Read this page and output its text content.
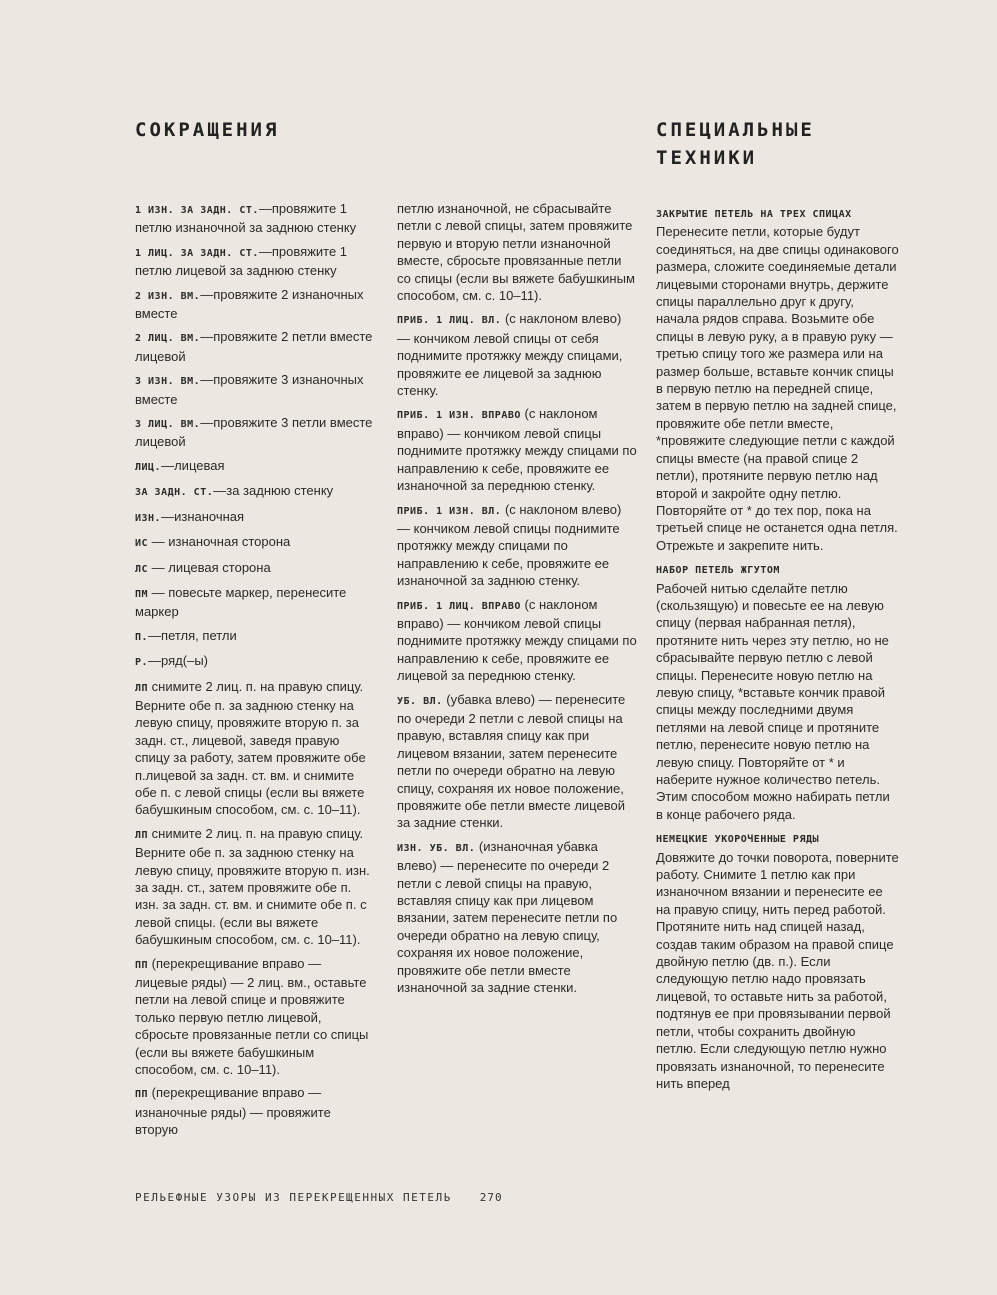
СОКРАЩЕНИЯ	СПЕЦИАЛЬНЫЕ
ТЕХНИКИ
1 ИЗН. ЗА ЗАДН. СТ.—провяжите 1 петлю изнаночной за заднюю стенку
1 ЛИЦ. ЗА ЗАДН. СТ.—провяжите 1 петлю лицевой за заднюю стенку
2 ИЗН. ВМ.—провяжите 2 изнаночных вместе
2 ЛИЦ. ВМ.—провяжите 2 петли вместе лицевой
3 ИЗН. ВМ.—провяжите 3 изнаночных вместе
3 ЛИЦ. ВМ.—провяжите 3 петли вместе лицевой
ЛИЦ.—лицевая
ЗА ЗАДН. СТ.—за заднюю стенку
ИЗН.—изнаночная
ИС — изнаночная сторона
ЛС — лицевая сторона
ПМ — повесьте маркер, перенесите маркер
П.—петля, петли
Р.—ряд(–ы)
ЛП снимите 2 лиц. п. на правую спицу. Верните обе п. за заднюю стенку на левую спицу, провяжите вторую п. за задн. ст., лицевой, заведя правую спицу за работу, затем провяжите обе п.лицевой за задн. ст. вм. и снимите обе п. с левой спицы (если вы вяжете бабушкиным способом, см. с. 10–11).
ЛП снимите 2 лиц. п. на правую спицу. Верните обе п. за заднюю стенку на левую спицу, провяжите вторую п. изн. за задн. ст., затем провяжите обе п. изн. за задн. ст. вм. и снимите обе п. с левой спицы. (если вы вяжете бабушкиным способом, см. с. 10–11).
ПП (перекрещивание вправо — лицевые ряды) — 2 лиц. вм., оставьте петли на левой спице и провяжите только первую петлю лицевой, сбросьте провязанные петли со спицы (если вы вяжете бабушкиным способом, см. с. 10–11).
ПП (перекрещивание вправо — изнаночные ряды) — провяжите вторую
петлю изнаночной, не сбрасывайте петли с левой спицы, затем провяжите первую и вторую петли изнаночной вместе, сбросьте провязанные петли со спицы (если вы вяжете бабушкиным способом, см. с. 10–11).
ПРИБ. 1 ЛИЦ. ВЛ. (с наклоном влево) — кончиком левой спицы от себя поднимите протяжку между спицами, провяжите ее лицевой за заднюю стенку.
ПРИБ. 1 ИЗН. ВПРАВО (с наклоном вправо) — кончиком левой спицы поднимите протяжку между спицами по направлению к себе, провяжите ее изнаночной за переднюю стенку.
ПРИБ. 1 ИЗН. ВЛ. (с наклоном влево) — кончиком левой спицы поднимите протяжку между спицами по направлению к себе, провяжите ее изнаночной за заднюю стенку.
ПРИБ. 1 ЛИЦ. ВПРАВО (с наклоном вправо) — кончиком левой спицы поднимите протяжку между спицами по направлению к себе, провяжите ее лицевой за переднюю стенку.
УБ. ВЛ. (убавка влево) — перенесите по очереди 2 петли с левой спицы на правую, вставляя спицу как при лицевом вязании, затем перенесите петли по очереди обратно на левую спицу, сохраняя их новое положение, провяжите обе петли вместе лицевой за задние стенки.
ИЗН. УБ. ВЛ. (изнаночная убавка влево) — перенесите по очереди 2 петли с левой спицы на правую, вставляя спицу как при лицевом вязании, затем перенесите петли по очереди обратно на левую спицу, сохраняя их новое положение, провяжите обе петли вместе изнаночной за задние стенки.
ЗАКРЫТИЕ ПЕТЕЛЬ НА ТРЕХ СПИЦАХ
Перенесите петли, которые будут соединяться, на две спицы одинакового размера, сложите соединяемые детали лицевыми сторонами внутрь, держите спицы параллельно друг к другу, начала рядов справа. Возьмите обе спицы в левую руку, а в правую руку — третью спицу того же размера или на размер больше, вставьте кончик спицы в первую петлю на передней спице, затем в первую петлю на задней спице, провяжите обе петли вместе, *провяжите следующие петли с каждой спицы вместе (на правой спице 2 петли), протяните первую петлю над второй и закройте одну петлю. Повторяйте от * до тех пор, пока на третьей спице не останется одна петля. Отрежьте и закрепите нить.
НАБОР ПЕТЕЛЬ ЖГУТОМ
Рабочей нитью сделайте петлю (скользящую) и повесьте ее на левую спицу (первая набранная петля), протяните нить через эту петлю, но не сбрасывайте первую петлю с левой спицы. Перенесите новую петлю на левую спицу, *вставьте кончик правой спицы между последними двумя петлями на левой спице и протяните петлю, перенесите новую петлю на левую спицу. Повторяйте от * и наберите нужное количество петель. Этим способом можно набирать петли в конце рабочего ряда.
НЕМЕЦКИЕ УКОРОЧЕННЫЕ РЯДЫ
Довяжите до точки поворота, поверните работу. Снимите 1 петлю как при изнаночном вязании и перенесите ее на правую спицу, нить перед работой. Протяните нить над спицей назад, создав таким образом на правой спице двойную петлю (дв. п.). Если следующую петлю надо провязать лицевой, то оставьте нить за работой, подтянув ее при провязывании первой петли, чтобы сохранить двойную петлю. Если следующую петлю нужно провязать изнаночной, то перенесите нить вперед
РЕЛЬЕФНЫЕ УЗОРЫ ИЗ ПЕРЕКРЕЩЕННЫХ ПЕТЕЛЬ	270
